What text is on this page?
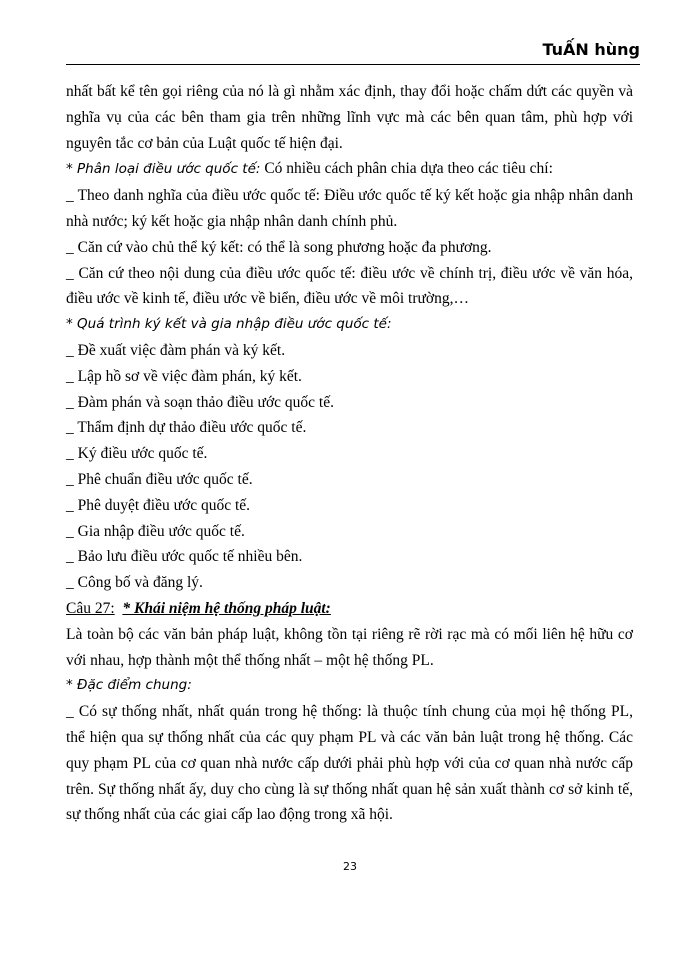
TuẤN hùng

nhất bất kể tên gọi riêng của nó là gì nhằm xác định, thay đổi hoặc chấm dứt các quyền và nghĩa vụ của các bên tham gia trên những lĩnh vực mà các bên quan tâm, phù hợp với nguyên tắc cơ bản của Luật quốc tế hiện đại.

* Phân loại điều ước quốc tế: Có nhiều cách phân chia dựa theo các tiêu chí:

_ Theo danh nghĩa của điều ước quốc tế: Điều ước quốc tế ký kết hoặc gia nhập nhân danh nhà nước; ký kết hoặc gia nhập nhân danh chính phủ.

_ Căn cứ vào chủ thể ký kết: có thể là song phương hoặc đa phương.

_ Căn cứ theo nội dung của điều ước quốc tế: điều ước về chính trị, điều ước về văn hóa, điều ước về kinh tế, điều ước về biển, điều ước về môi trường,…

* Quá trình ký kết và gia nhập điều ước quốc tế:

_ Đề xuất việc đàm phán và ký kết.

_ Lập hồ sơ về việc đàm phán, ký kết.

_ Đàm phán và soạn thảo điều ước quốc tế.

_ Thẩm định dự thảo điều ước quốc tế.

_ Ký điều ước quốc tế.

_ Phê chuẩn điều ước quốc tế.

_ Phê duyệt điều ước quốc tế.

_ Gia nhập điều ước quốc tế.

_ Bảo lưu điều ước quốc tế nhiều bên.

_ Công bố và đăng lý.

Câu 27: * Khái niệm hệ thống pháp luật:

Là toàn bộ các văn bản pháp luật, không tồn tại riêng rẽ rời rạc mà có mối liên hệ hữu cơ với nhau, hợp thành một thể thống nhất – một hệ thống PL.

* Đặc điểm chung:

_ Có sự thống nhất, nhất quán trong hệ thống: là thuộc tính chung của mọi hệ thống PL, thể hiện qua sự thống nhất của các quy phạm PL và các văn bản luật trong hệ thống. Các quy phạm PL của cơ quan nhà nước cấp dưới phải phù hợp với của cơ quan nhà nước cấp trên. Sự thống nhất ấy, duy cho cùng là sự thống nhất quan hệ sản xuất thành cơ sở kinh tế, sự thống nhất của các giai cấp lao động trong xã hội.

23
